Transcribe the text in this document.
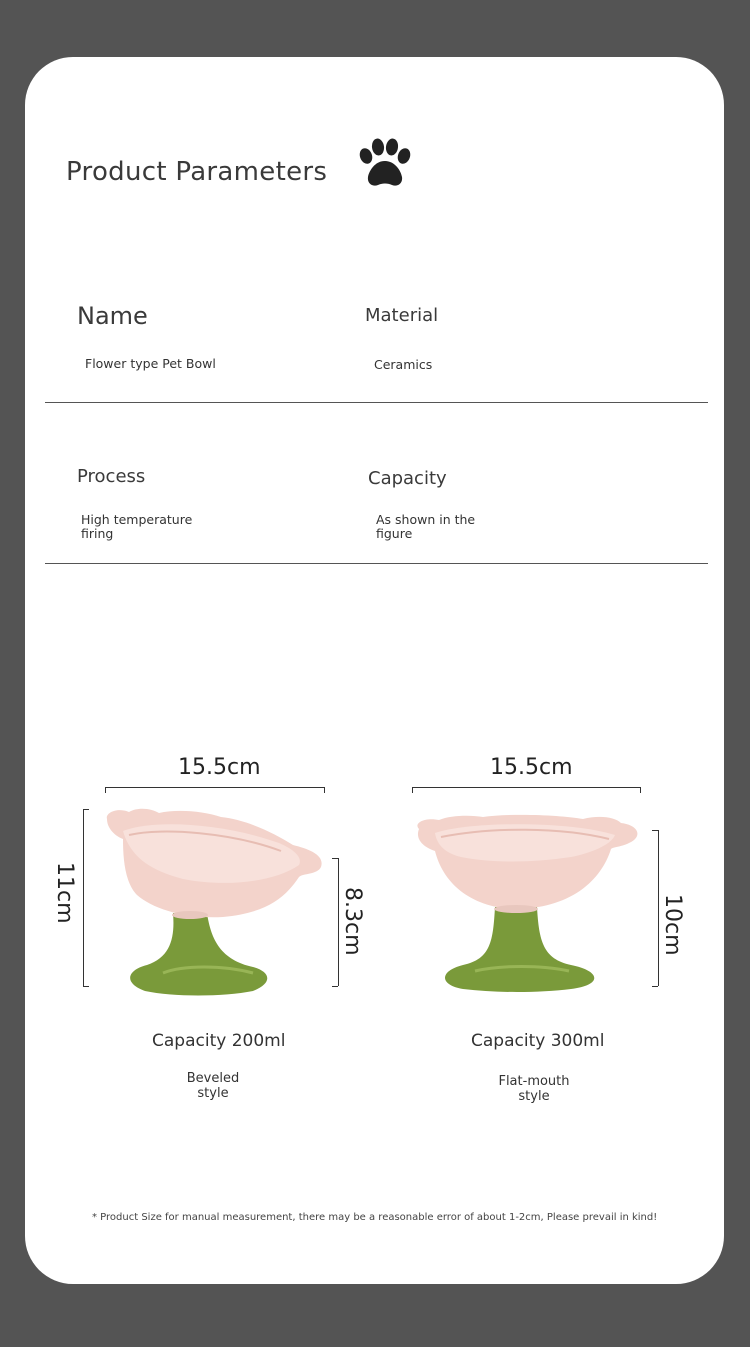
Product Parameters
Name
Flower type Pet Bowl
Material
Ceramics
Process
High temperature
firing
Capacity
As shown in the
figure
15.5cm
11cm	8.3cm
Capacity 200ml
Beveled
style
15.5cm
10cm
Capacity 300ml
Flat-mouth
style
* Product Size for manual measurement, there may be a reasonable error of about 1-2cm, Please prevail in kind!
